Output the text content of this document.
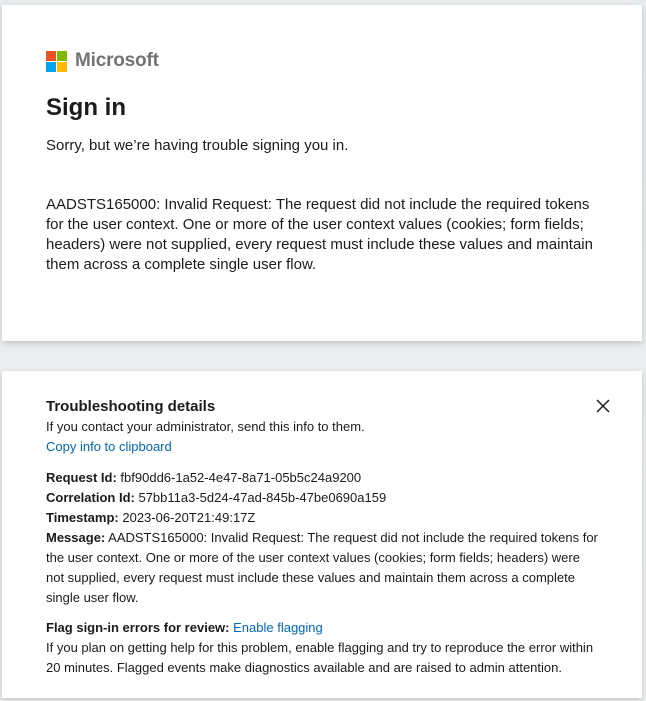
Microsoft
Sign in
Sorry, but we’re having trouble signing you in.
AADSTS165000: Invalid Request: The request did not include the required tokens for the user context. One or more of the user context values (cookies; form fields; headers) were not supplied, every request must include these values and maintain them across a complete single user flow.

Troubleshooting details

If you contact your administrator, send this info to them.

Copy info to clipboard

Request Id: fbf90dd6-1a52-4e47-8a71-05b5c24a9200

Correlation Id: 57bb11a3-5d24-47ad-845b-47be0690a159

Timestamp: 2023-06-20T21:49:17Z

Message: AADSTS165000: Invalid Request: The request did not include the required tokens for the user context. One or more of the user context values (cookies; form fields; headers) were not supplied, every request must include these values and maintain them across a complete single user flow.

Flag sign-in errors for review: Enable flagging

If you plan on getting help for this problem, enable flagging and try to reproduce the error within 20 minutes. Flagged events make diagnostics available and are raised to admin attention.
